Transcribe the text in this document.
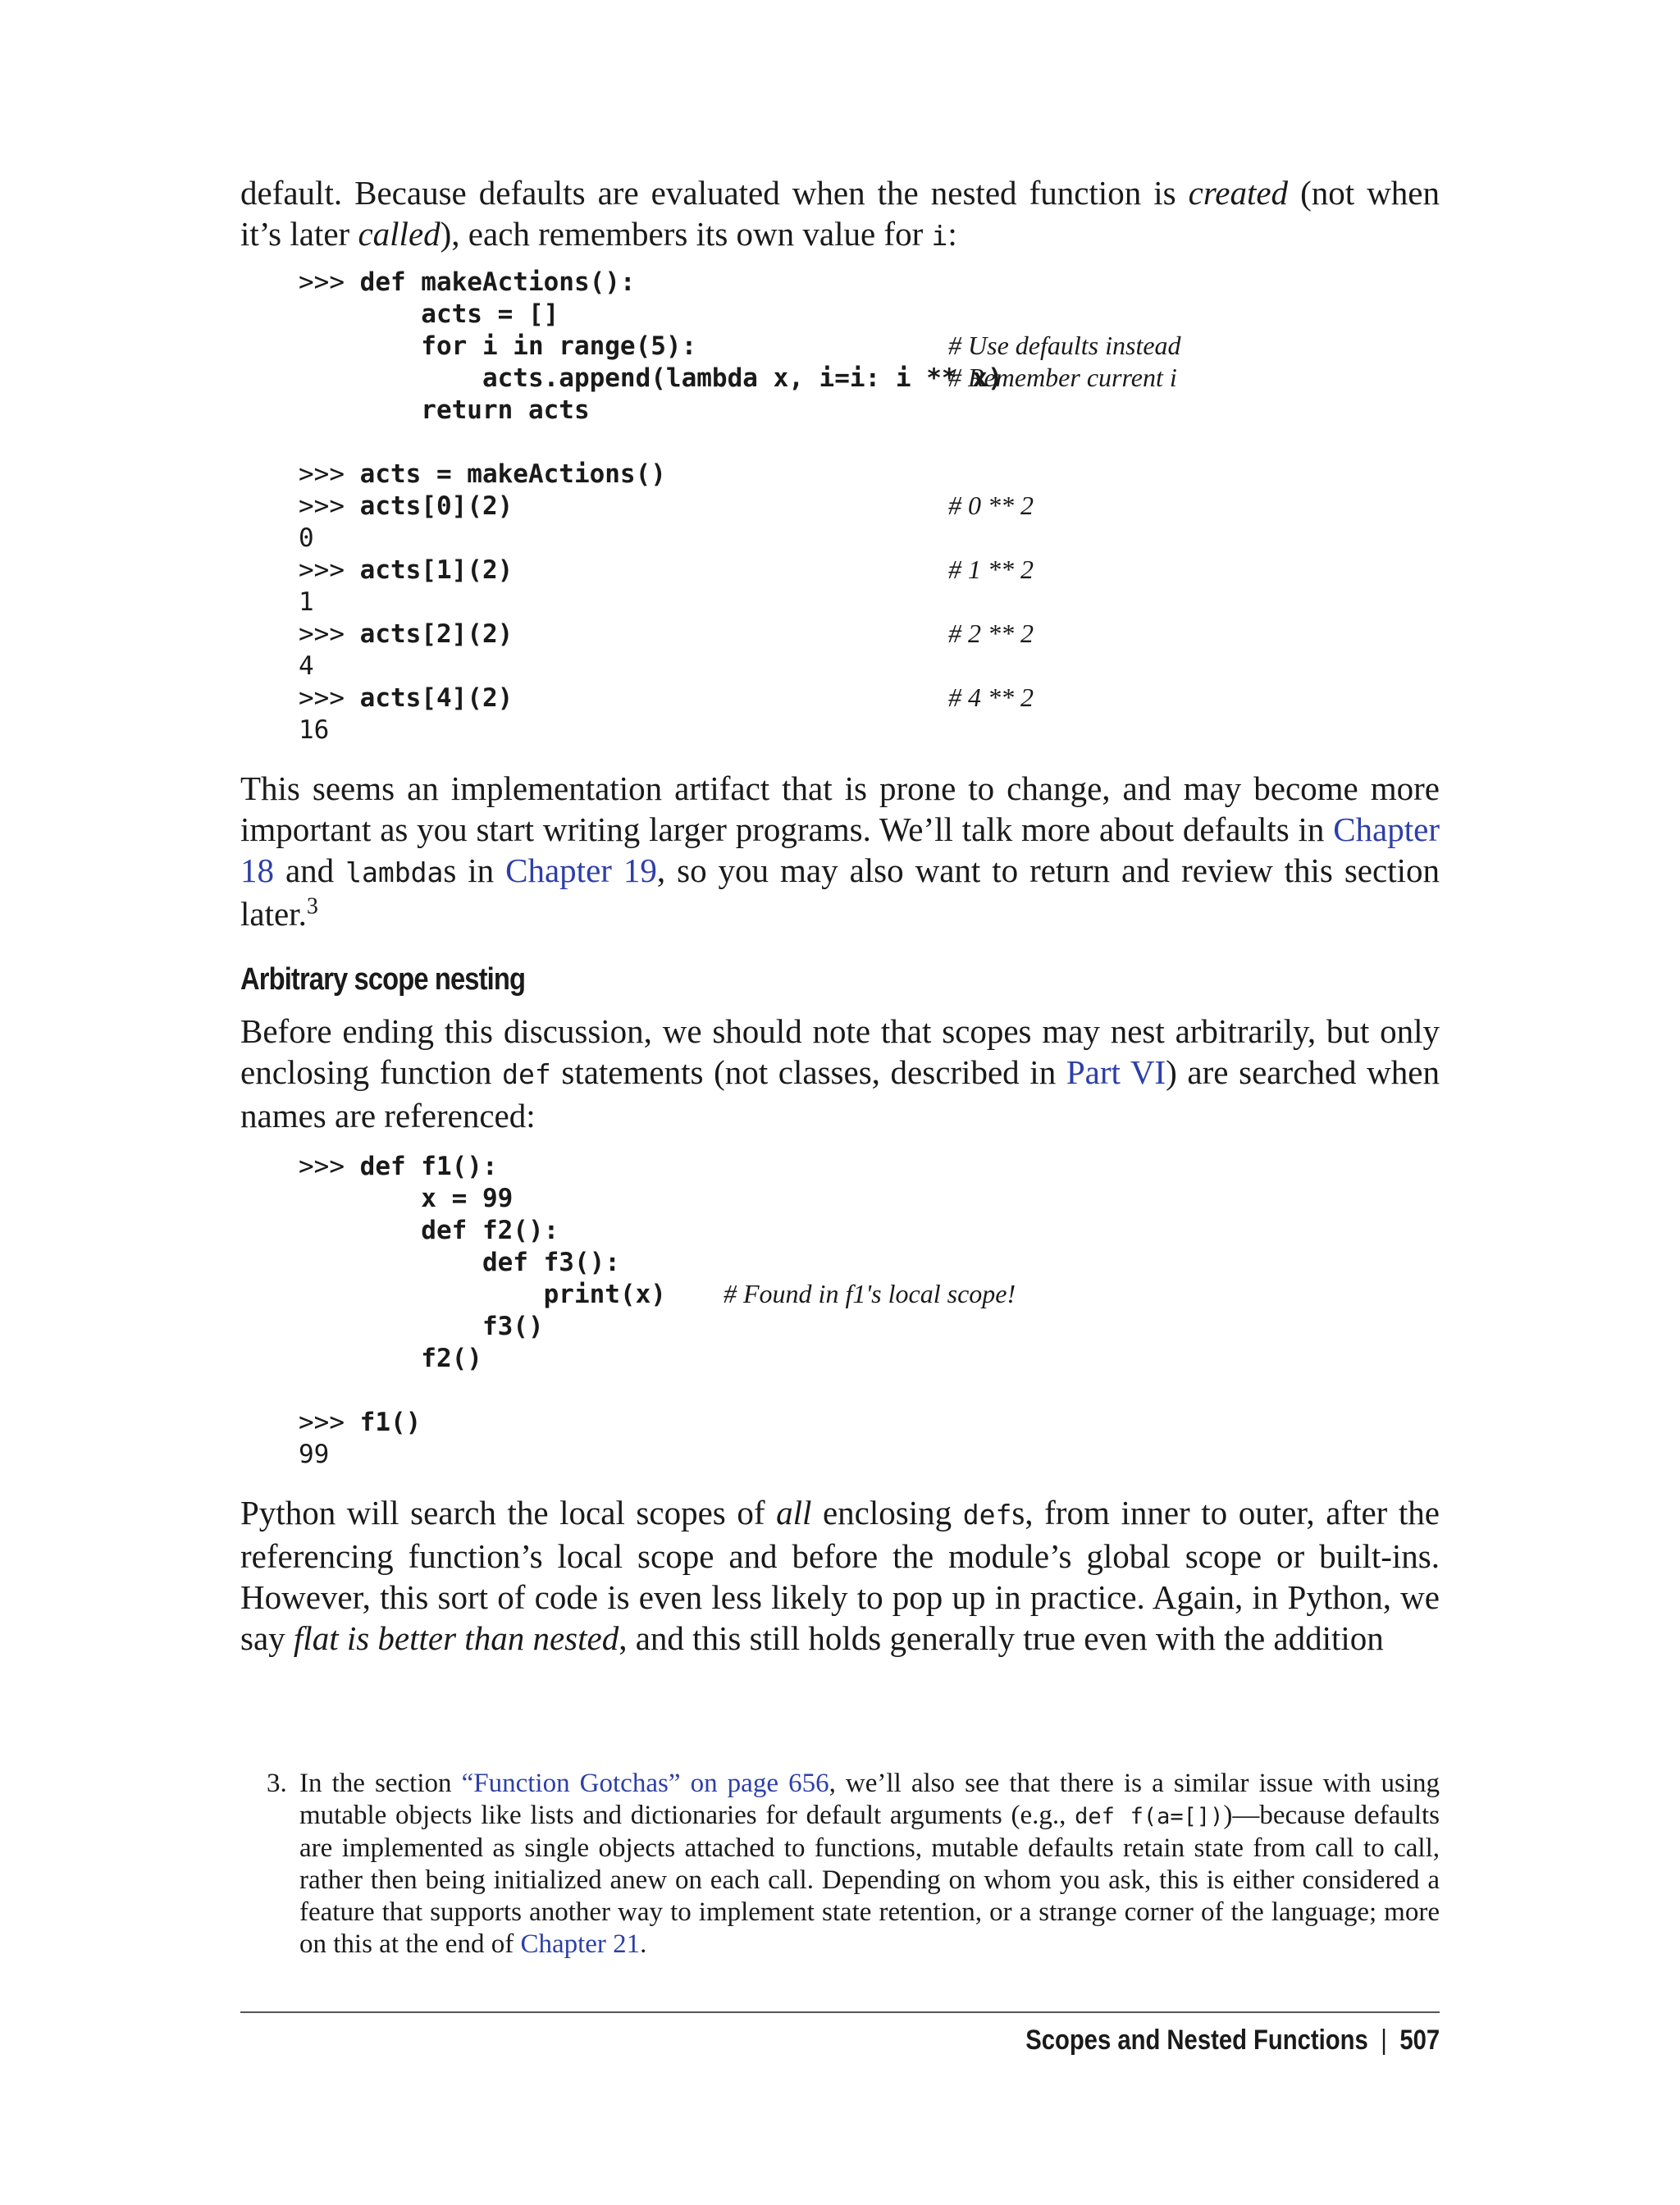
default. Because defaults are evaluated when the nested function is created (not when it’s later called), each remembers its own value for i:

>>> def makeActions():
acts = []
for i in range(5):	# Use defaults instead
acts.append(lambda x, i=i: i ** x)
# Remember current i
return acts
>>> acts = makeActions()
>>> acts[0](2)	# 0 ** 2
0
>>> acts[1](2)	# 1 ** 2
1
>>> acts[2](2)	# 2 ** 2
4
>>> acts[4](2)	# 4 ** 2
16

This seems an implementation artifact that is prone to change, and may become more important as you start writing larger programs. We’ll talk more about defaults in Chapter 18 and lambdas in Chapter 19, so you may also want to return and review this section later.$^3$

Arbitrary scope nesting

Before ending this discussion, we should note that scopes may nest arbitrarily, but only enclosing function def statements (not classes, described in Part VI) are searched when names are referenced:

>>> def f1():
x = 99
def f2():
def f3():
print(x) # Found in f1's local scope!
f3()
f2()
>>> f1()
99

Python will search the local scopes of all enclosing defs, from inner to outer, after the referencing function’s local scope and before the module’s global scope or built-ins. However, this sort of code is even less likely to pop up in practice. Again, in Python, we say flat is better than nested, and this still holds generally true even with the addition

3. In the section “Function Gotchas” on page 656, we’ll also see that there is a similar issue with using mutable objects like lists and dictionaries for default arguments (e.g., def f(a=[]))—because defaults are implemented as single objects attached to functions, mutable defaults retain state from call to call, rather then being initialized anew on each call. Depending on whom you ask, this is either considered a feature that supports another way to implement state retention, or a strange corner of the language; more on this at the end of Chapter 21.
Scopes and Nested Functions | 507
